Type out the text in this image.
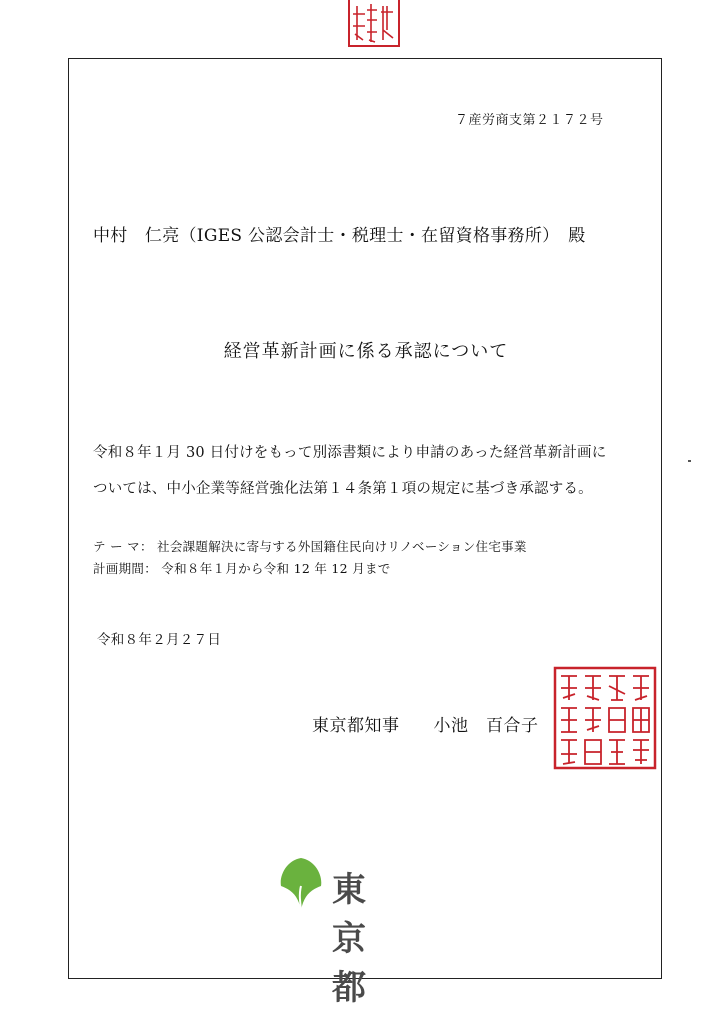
７産労商支第２１７２号
中村　仁亮（IGES 公認会計士・税理士・在留資格事務所）　殿
経営革新計画に係る承認について
令和８年１月 30 日付けをもって別添書類により申請のあった経営革新計画に
ついては、中小企業等経営強化法第１４条第１項の規定に基づき承認する。
テ ー マ： 社会課題解決に寄与する外国籍住民向けリノベーション住宅事業
計画期間： 令和８年１月から令和 12 年 12 月まで
令和８年２月２７日
東京都知事 小池　百合子
東京都
